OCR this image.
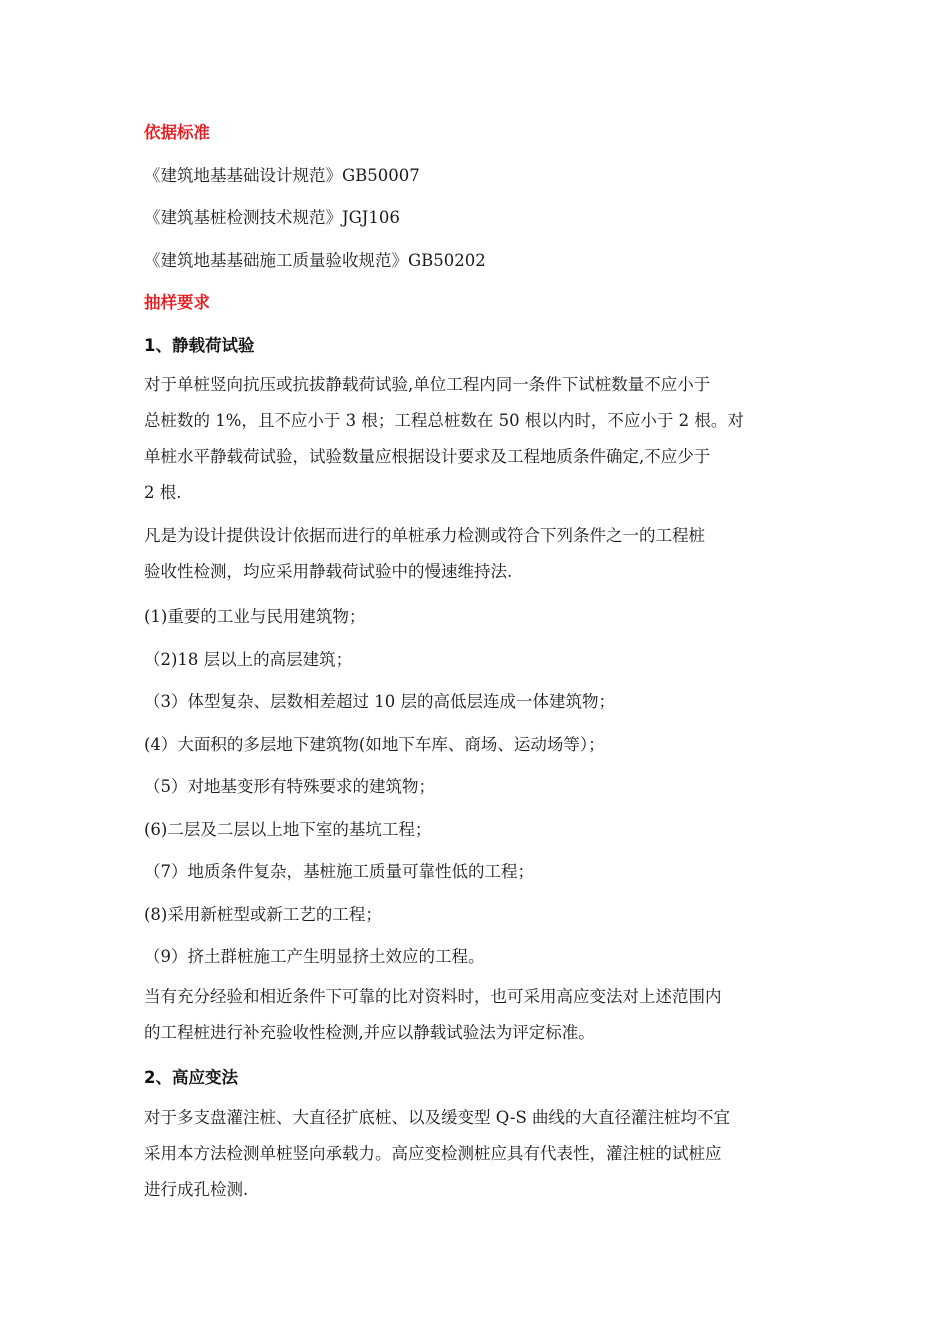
依据标准
《建筑地基基础设计规范》GB50007
《建筑基桩检测技术规范》JGJ106
《建筑地基基础施工质量验收规范》GB50202
抽样要求
1、静载荷试验
对于单桩竖向抗压或抗拔静载荷试验,单位工程内同一条件下试桩数量不应小于
总桩数的 1%，且不应小于 3 根；工程总桩数在 50 根以内时，不应小于 2 根。对
单桩水平静载荷试验，试验数量应根据设计要求及工程地质条件确定,不应少于
2 根.
凡是为设计提供设计依据而进行的单桩承力检测或符合下列条件之一的工程桩
验收性检测，均应采用静载荷试验中的慢速维持法.
(1)重要的工业与民用建筑物；
（2)18 层以上的高层建筑；
（3）体型复杂、层数相差超过 10 层的高低层连成一体建筑物；
(4）大面积的多层地下建筑物(如地下车库、商场、运动场等）；
（5）对地基变形有特殊要求的建筑物；
(6)二层及二层以上地下室的基坑工程；
（7）地质条件复杂，基桩施工质量可靠性低的工程；
(8)采用新桩型或新工艺的工程；
（9）挤土群桩施工产生明显挤土效应的工程。
当有充分经验和相近条件下可靠的比对资料时，也可采用高应变法对上述范围内
的工程桩进行补充验收性检测,并应以静载试验法为评定标准。
2、高应变法
对于多支盘灌注桩、大直径扩底桩、以及缓变型 Q-S 曲线的大直径灌注桩均不宜
采用本方法检测单桩竖向承载力。高应变检测桩应具有代表性，灌注桩的试桩应
进行成孔检测.
